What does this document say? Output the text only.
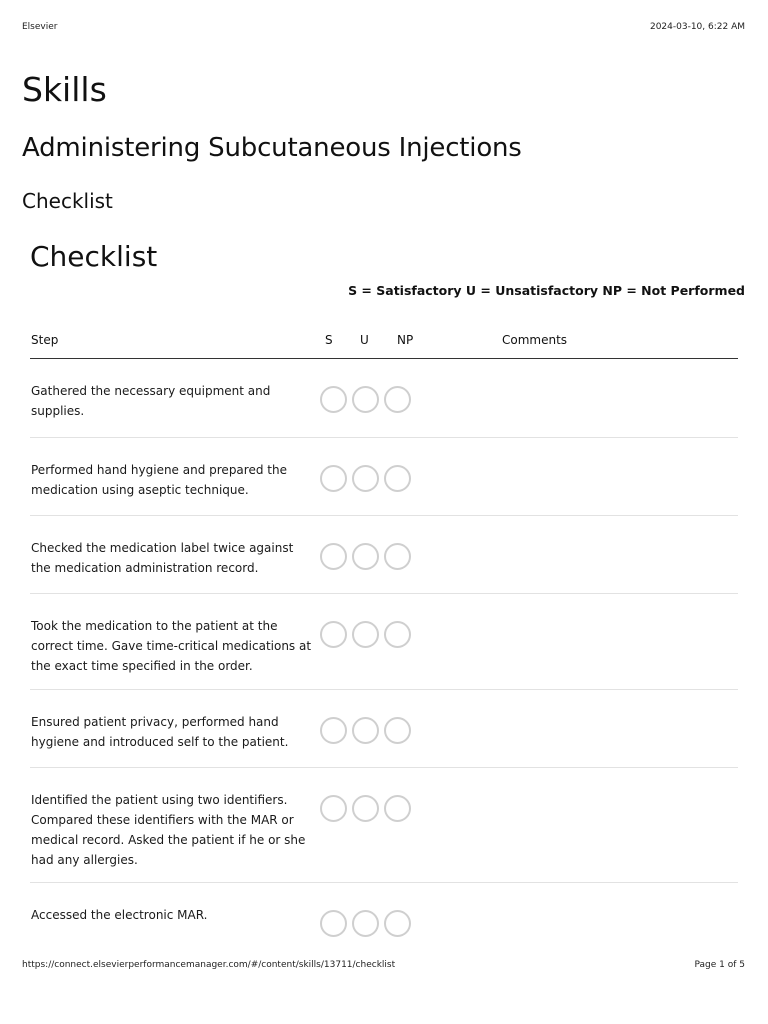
Elsevier	2024-03-10, 6:22 AM
Skills
Administering Subcutaneous Injections
Checklist
Checklist
S = Satisfactory U = Unsatisfactory NP = Not Performed
Step	S U NP	Comments
Gathered the necessary equipment and supplies.
Performed hand hygiene and prepared the medication using aseptic technique.
Checked the medication label twice against the medication administration record.
Took the medication to the patient at the correct time. Gave time-critical medications at the exact time specified in the order.
Ensured patient privacy, performed hand hygiene and introduced self to the patient.
Identified the patient using two identifiers. Compared these identifiers with the MAR or medical record. Asked the patient if he or she had any allergies.
Accessed the electronic MAR.
https://connect.elsevierperformancemanager.com/#/content/skills/13711/checklist	Page 1 of 5
